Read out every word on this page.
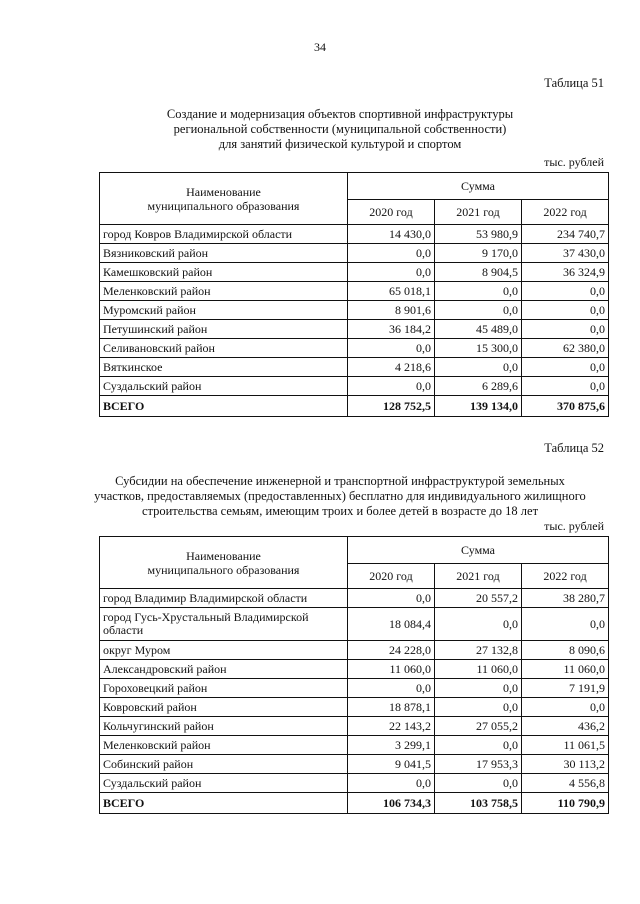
34
Таблица 51
Создание и модернизация объектов спортивной инфраструктуры
региональной собственности (муниципальной собственности)
для занятий физической культурой и спортом
тыс. рублей
Наименование
муниципального образования	Сумма		
	2020 год	2021 год	2022 год
город Ковров Владимирской области	14 430,0	53 980,9	234 740,7
Вязниковский район	0,0	9 170,0	37 430,0
Камешковский район	0,0	8 904,5	36 324,9
Меленковский район	65 018,1	0,0	0,0
Муромский район	8 901,6	0,0	0,0
Петушинский район	36 184,2	45 489,0	0,0
Селивановский район	0,0	15 300,0	62 380,0
Вяткинское	4 218,6	0,0	0,0
Суздальский район	0,0	6 289,6	0,0
ВСЕГО	128 752,5	139 134,0	370 875,6
Таблица 52
Субсидии на обеспечение инженерной и транспортной инфраструктурой земельных
участков, предоставляемых (предоставленных) бесплатно для индивидуального жилищного
строительства семьям, имеющим троих и более детей в возрасте до 18 лет
тыс. рублей
Наименование
муниципального образования	Сумма		
	2020 год	2021 год	2022 год
город Владимир Владимирской области	0,0	20 557,2	38 280,7
город Гусь-Хрустальный Владимирской области	18 084,4	0,0	0,0
округ Муром	24 228,0	27 132,8	8 090,6
Александровский район	11 060,0	11 060,0	11 060,0
Гороховецкий район	0,0	0,0	7 191,9
Ковровский район	18 878,1	0,0	0,0
Кольчугинский район	22 143,2	27 055,2	436,2
Меленковский район	3 299,1	0,0	11 061,5
Собинский район	9 041,5	17 953,3	30 113,2
Суздальский район	0,0	0,0	4 556,8
ВСЕГО	106 734,3	103 758,5	110 790,9
